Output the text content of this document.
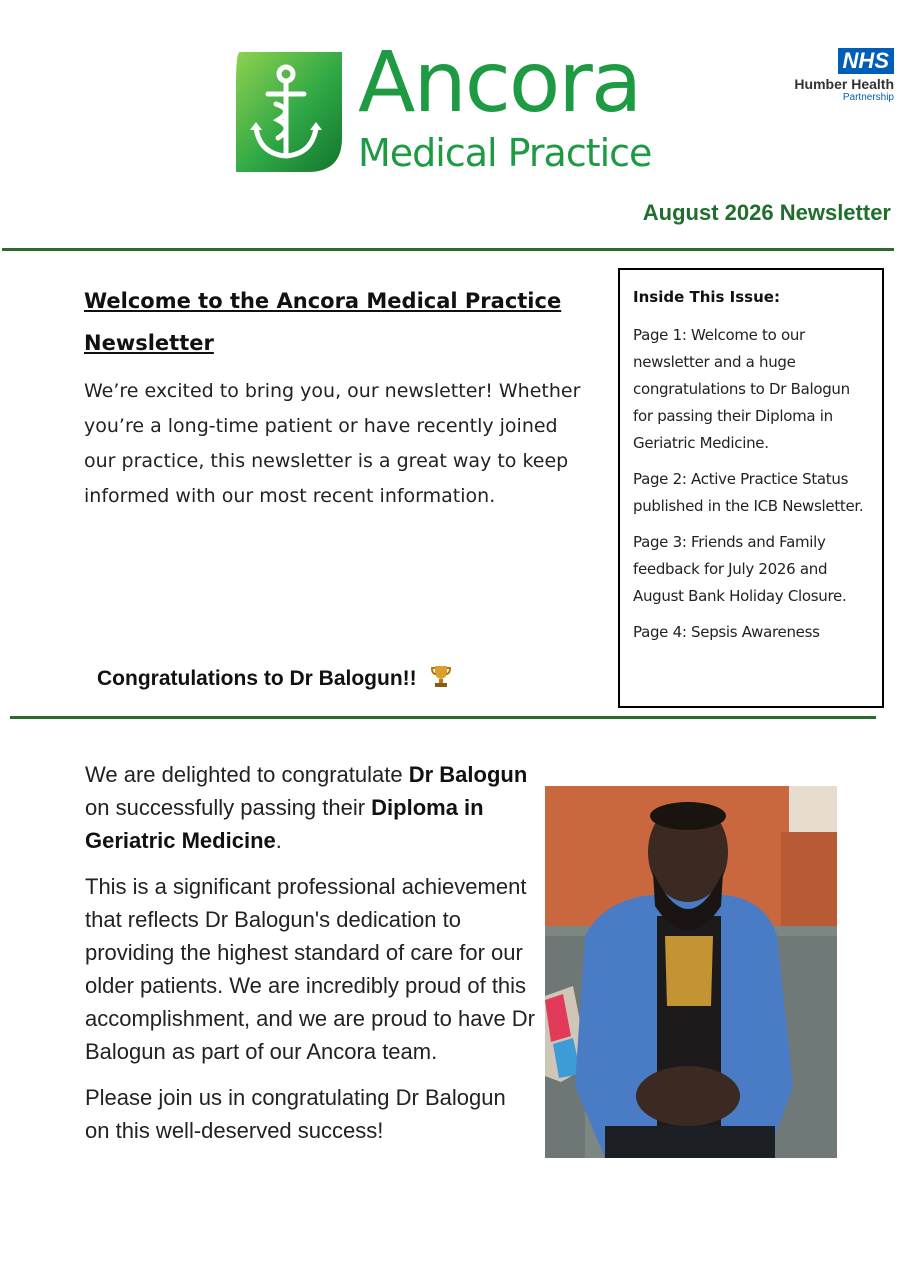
Ancora
Medical Practice
NHS
Humber Health
Partnership
August 2026 Newsletter
Welcome to the Ancora Medical Practice Newsletter
We’re excited to bring you, our newsletter! Whether you’re a long-time patient or have recently joined our practice, this newsletter is a great way to keep informed with our most recent information.
Congratulations to Dr Balogun!!
Inside This Issue:

Page 1: Welcome to our newsletter and a huge congratulations to Dr Balogun for passing their Diploma in Geriatric Medicine.

Page 2: Active Practice Status published in the ICB Newsletter.

Page 3: Friends and Family feedback for July 2026 and August Bank Holiday Closure.

Page 4: Sepsis Awareness

We are delighted to congratulate Dr Balogun on successfully passing their Diploma in Geriatric Medicine.

This is a significant professional achievement that reflects Dr Balogun's dedication to providing the highest standard of care for our older patients. We are incredibly proud of this accomplishment, and we are proud to have Dr Balogun as part of our Ancora team.

Please join us in congratulating Dr Balogun on this well-deserved success!
